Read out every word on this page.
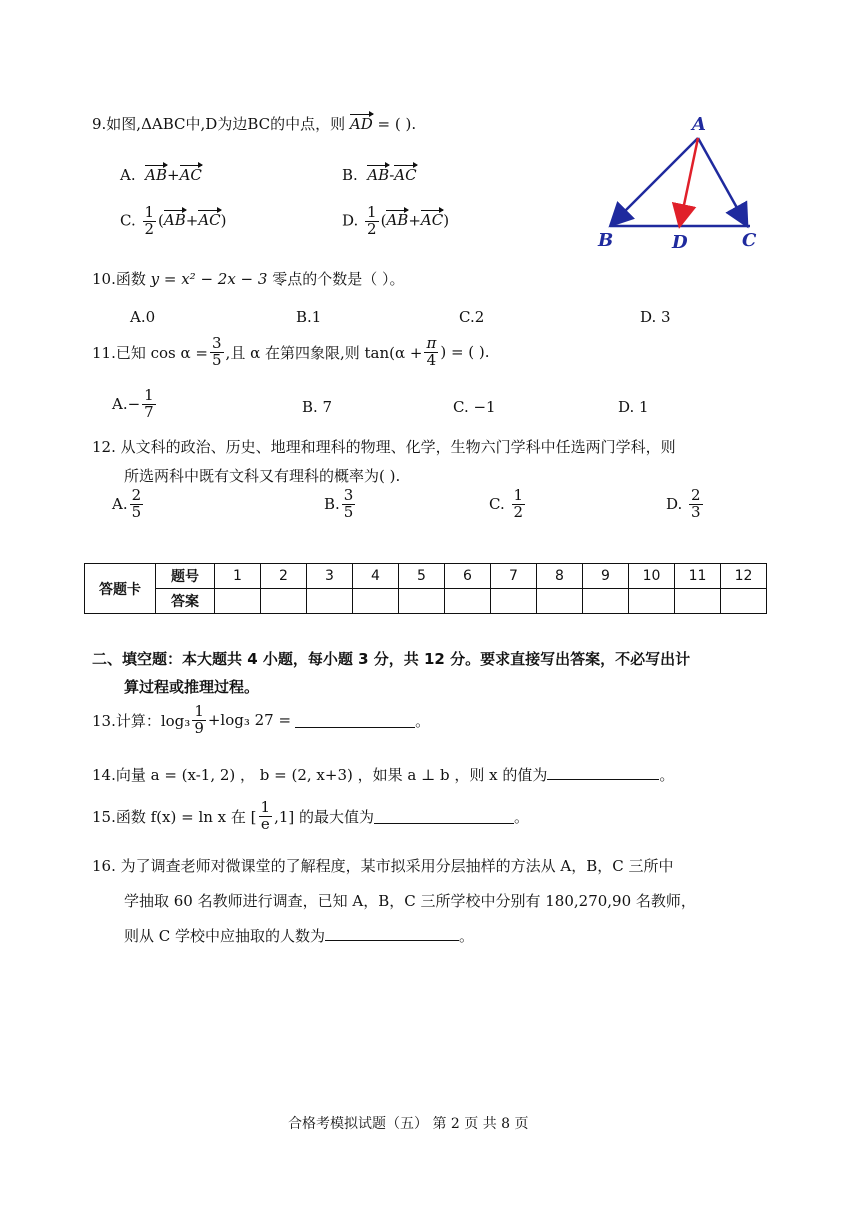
9.如图,ΔABC中,D为边BC的中点，则 AD = ( ).
A. AB+AC	B. AB-AC
C. $\frac{1}{2} (AB+AC)$	D. $\frac{1}{2} (AB+AC)$
A
B	D	C
10.函数 y = x² − 2x − 3 零点的个数是（ ）。
A.0	B.1	C.2	D. 3
11.已知 $\cos \alpha = \frac{3}{5}$ ,且 α 在第四象限,则 $\tan(\alpha + \frac{\pi}{4}$ ) = ( ).
$A.- \frac{1}{7}$	B. 7	C. −1	D. 1
12. 从文科的政治、历史、地理和理科的物理、化学，生物六门学科中任选两门学科，则
所选两科中既有文科又有理科的概率为( ).
A. $\frac{2}{5}$	B. $\frac{3}{5}$	C.
$\frac{1}{2}$	D.
$\frac{2}{3}$
答题卡	题号	1	2	3	4	5	6	7	8	9	10	11	12
	答案												
二、填空题：本大题共 4 小题，每小题 3 分，共 12 分。要求直接写出答案，不必写出计
算过程或推理过程。
13.计算：$\log_3 \frac{1}{9} +\log_3$ 27 =	。
14.向量 a = (x-1, 2) ， b = (2, x+3) ，如果 a ⊥ b ，则 x 的值为	。
15.函数 f(x) = ln x 在 [ $\frac{1}{e} ,1$] 的最大值为	。
16. 为了调查老师对微课堂的了解程度，某市拟采用分层抽样的方法从 A，B，C 三所中
学抽取 60 名教师进行调查，已知 A，B，C 三所学校中分别有 180,270,90 名教师，
则从 C 学校中应抽取的人数为	。
合格考模拟试题（五） 第 2 页 共 8 页
